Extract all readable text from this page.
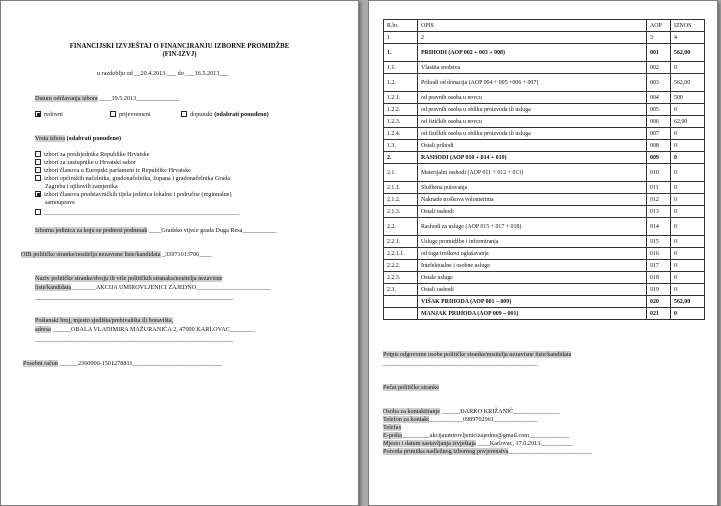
FINANCIJSKI IZVJEŠTAJ O FINANCIRANJU IZBORNE PROMIDŽBE
(FIN-IZVJ)
u razdoblju od __20.4.2013.___ do ___16.5.2013___
Datum održavanja izbora ____19.5.2013______________
redovni	prijevremeni	dopunski (odabrati ponuđeno)
Vrsta izbora (odabrati ponuđeno)
izbori za predsjednika Republike Hrvatske
izbori za zastupnike u Hrvatski sabor
izbori članova u Europski parlament iz Republike Hrvatske
izbori općinskih načelnika, gradonačelnika, župana i gradonačelnika Grada
Zagreba i njihovih zamjenika
izbori članova predstavničkih tijela jedinica lokalne i područne (regionalne)
samouprave
_______________________________________________________________
Izborna jedinica za koju se podnosi podnesak ____Gradsko vijeće grada Duga Resa___________
OIB političke stranke/nositelja nezavisne liste/kandidata _33971013706____
Naziv političke stranke/dvoju ili više političkih stranaka/nositelja nezavisne
liste/kandidata________AKCIJA UMIROVLJENICI ZAJEDNO________________________
________________________________________________________________
Poštanski broj, mjesto sjedišta/prebivališta ili boravišta,
adresa ______OBALA VLADIMIRA MAŽURANIĆA 2, 47000 KARLOVAC________
________________________________________________________________
Posebni račun ______2360000-1501278811_____________________________
R.br.	OPIS	AOP	IZNOS
1	2	3	4
1.	PRIHODI (AOP 002 + 003 + 008)	001	562,00
1.1.	Vlastita sredstva	002	0
1.2.	Prihodi od donacija (AOP 004 + 005 +006 + 007)	003	562,00
1.2.1.	od pravnih osoba u novcu	004	500
1.2.2.	od pravnih osoba u obliku proizvoda ili usluga	005	0
1.2.3.	od fizičkih osoba u novcu	006	62,00
1.2.4.	od fizičkih osoba u obliku proizvoda ili usluga	007	0
1.3.	Ostali prihodi	008	0
2.	RASHODI (AOP 010 + 014 + 019)	009	0
2.1.	Materijalni rashodi (AOP 011 + 012 + 013)	010	0
2.1.1.	Službena putovanja	011	0
2.1.2.	Naknade troškova volonterima	012	0
2.1.3.	Ostali rashodi	013	0
2.2.	Rashodi za usluge (AOP 015 + 017 + 018)	014	0
2.2.1.	Usluge promidžbe i informiranja	015	0
2.2.1.1.	od toga troškovi oglašavanja	016	0
2.2.2.	Intelektualne i osobne usluge	017	0
2.2.3.	Ostale usluge	018	0
2.3.	Ostali rashodi	019	0
	VIŠAK PRIHODA (AOP 001 – 009)	020	562,00
	MANJAK PRIHODA (AOP 009 – 001)	021	0
Potpis odgovorne osobe političke stranke/nositelja nezavisne liste/kandidata
__________________________________________________
Pečat političke stranke
Osoba za kontaktiranje ______DARKO KRIŽANIĆ_______________
Telefon za kontakt___________0989702961______________
Telefax
E-pošta_________akcijaumirovljenicizajedno@gmail.com_____________
Mjesto i datum sastavljanja izvještaja ____Karlovac, 17.6.2013.__________
Potvrda primitka nadležnog izbornog povjerenstva___________________________
